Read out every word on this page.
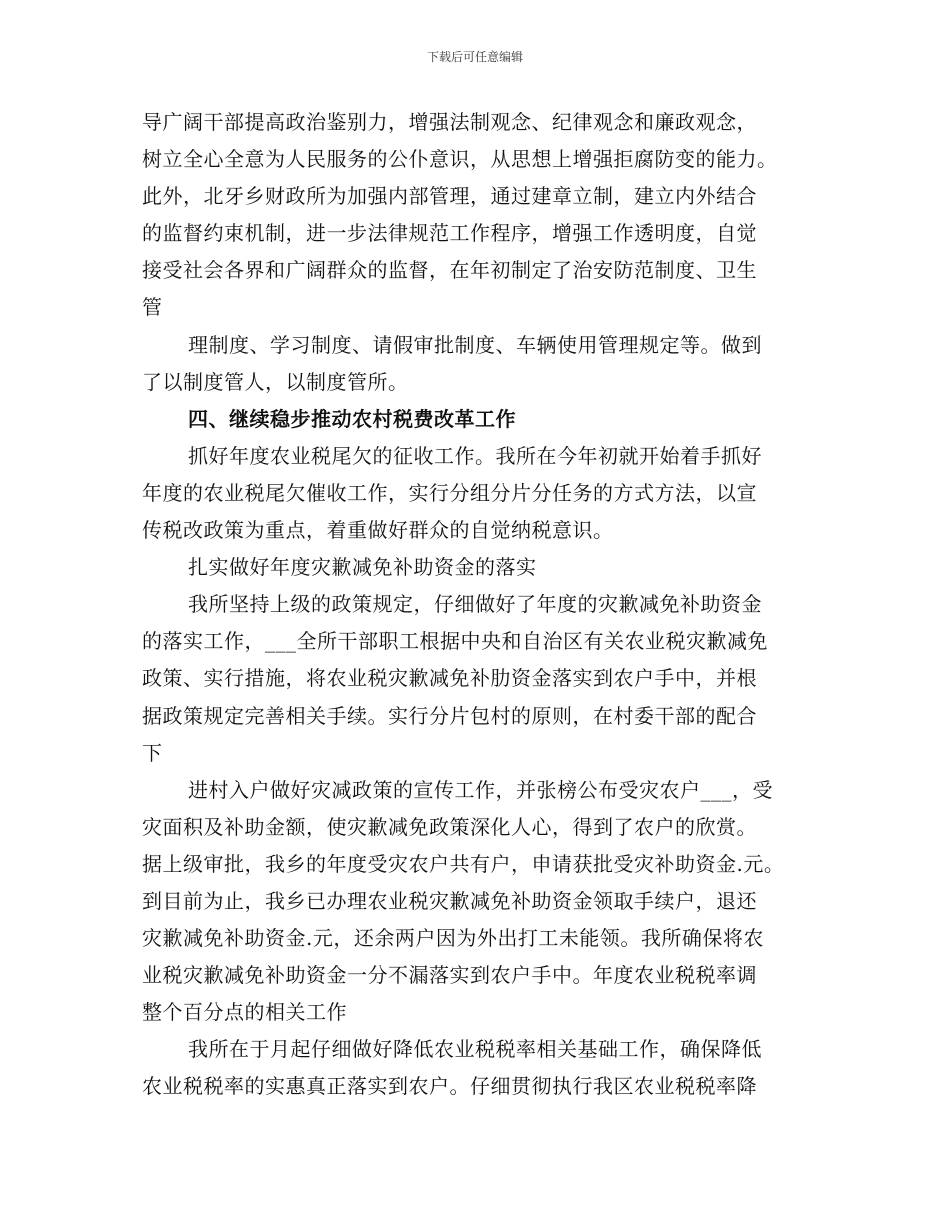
下载后可任意编辑
导广阔干部提高政治鉴别力，增强法制观念、纪律观念和廉政观念，
树立全心全意为人民服务的公仆意识，从思想上增强拒腐防变的能力。
此外，北牙乡财政所为加强内部管理，通过建章立制，建立内外结合
的监督约束机制，进一步法律规范工作程序，增强工作透明度，自觉
接受社会各界和广阔群众的监督，在年初制定了治安防范制度、卫生
管
理制度、学习制度、请假审批制度、车辆使用管理规定等。做到
了以制度管人，以制度管所。
四、继续稳步推动农村税费改革工作
抓好年度农业税尾欠的征收工作。我所在今年初就开始着手抓好
年度的农业税尾欠催收工作，实行分组分片分任务的方式方法，以宣
传税改政策为重点，着重做好群众的自觉纳税意识。
扎实做好年度灾歉减免补助资金的落实
我所坚持上级的政策规定，仔细做好了年度的灾歉减免补助资金
的落实工作，___全所干部职工根据中央和自治区有关农业税灾歉减免
政策、实行措施，将农业税灾歉减免补肋资金落实到农户手中，并根
据政策规定完善相关手续。实行分片包村的原则，在村委干部的配合
下
进村入户做好灾减政策的宣传工作，并张榜公布受灾农户___，受
灾面积及补助金额，使灾歉减免政策深化人心，得到了农户的欣赏。
据上级审批，我乡的年度受灾农户共有户，申请获批受灾补助资金.元。
到目前为止，我乡已办理农业税灾歉减免补助资金领取手续户，退还
灾歉减免补助资金.元，还余两户因为外出打工未能领。我所确保将农
业税灾歉减免补助资金一分不漏落实到农户手中。年度农业税税率调
整个百分点的相关工作
我所在于月起仔细做好降低农业税税率相关基础工作，确保降低
农业税税率的实惠真正落实到农户。仔细贯彻执行我区农业税税率降
